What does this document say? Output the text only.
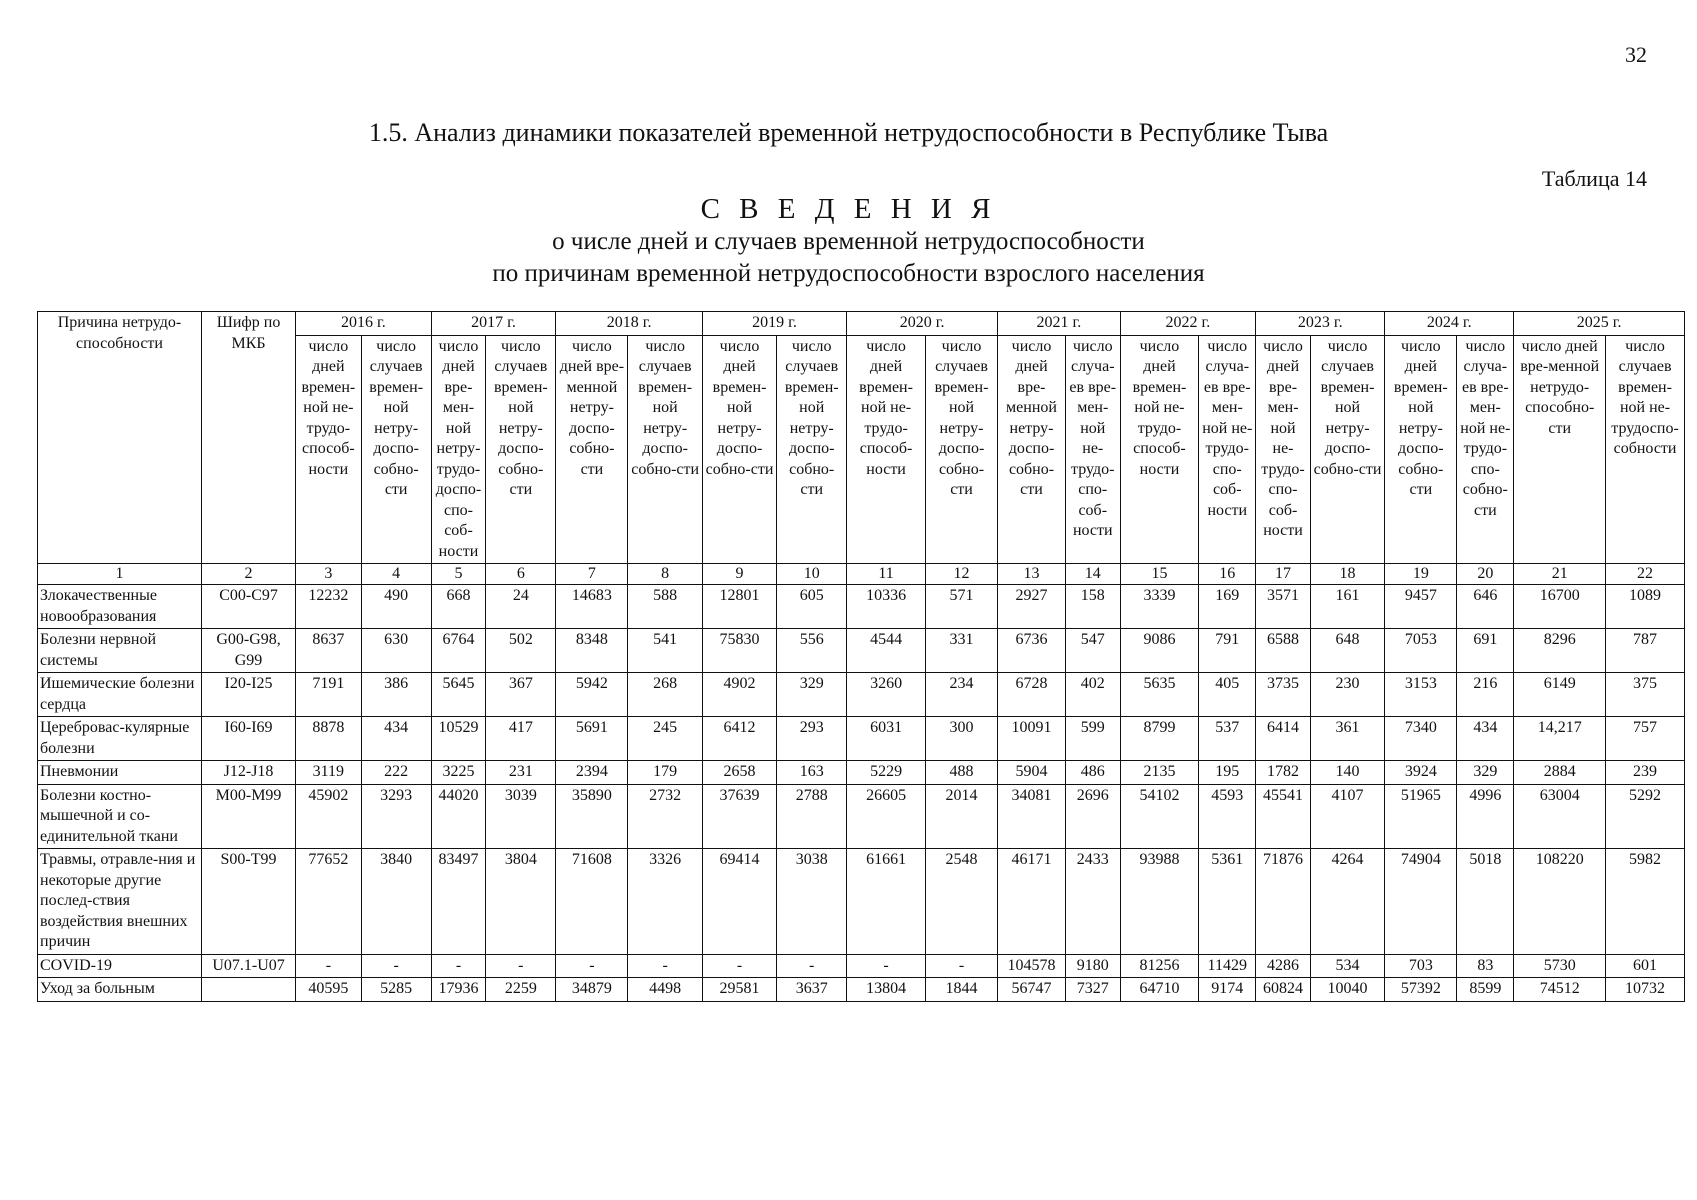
32
1.5. Анализ динамики показателей временной нетрудоспособности в Республике Тыва
Таблица 14
С В Е Д Е Н И Я
о числе дней и случаев временной нетрудоспособности
по причинам временной нетрудоспособности взрослого населения
Причина нетрудо-способности	Шифр по МКБ	2016 г.		2017 г.		2018 г.		2019 г.		2020 г.		2021 г.		2022 г.		2023 г.		2024 г.		2025 г.	
		число дней времен-ной не-трудо-способ-ности	число случаев времен-ной нетру-доспо-собно-сти	число дней вре-мен-ной нетру-трудо-доспо-спо-соб-ности	число случаев времен-ной нетру-доспо-собно-сти	число дней вре-менной нетру-доспо-собно-сти	число случаев времен-ной нетру-доспо-собно-сти	число дней времен-ной нетру-доспо-собно-сти	число случаев времен-ной нетру-доспо-собно-сти	число дней времен-ной не-трудо-способ-ности	число случаев времен-ной нетру-доспо-собно-сти	число дней вре-менной нетру-доспо-собно-сти	число случа-ев вре-мен-ной не-трудо-спо-соб-ности	число дней времен-ной не-трудо-способ-ности	число случа-ев вре-мен-ной не-трудо-спо-соб-ности	число дней вре-мен-ной не-трудо-спо-соб-ности	число случаев времен-ной нетру-доспо-собно-сти	число дней времен-ной нетру-доспо-собно-сти	число случа-ев вре-мен-ной не-трудо-спо-собно-сти	число дней вре-менной нетрудо-способно-сти	число случаев времен-ной не-трудоспо-собности
1	2	3	4	5	6	7	8	9	10	11	12	13	14	15	16	17	18	19	20	21	22
Злокачественные новообразования	С00-С97	12232	490	668	24	14683	588	12801	605	10336	571	2927	158	3339	169	3571	161	9457	646	16700	1089
Болезни нервной системы	G00-G98, G99	8637	630	6764	502	8348	541	75830	556	4544	331	6736	547	9086	791	6588	648	7053	691	8296	787
Ишемические болезни сердца	I20-I25	7191	386	5645	367	5942	268	4902	329	3260	234	6728	402	5635	405	3735	230	3153	216	6149	375
Церебровас-кулярные болезни	I60-I69	8878	434	10529	417	5691	245	6412	293	6031	300	10091	599	8799	537	6414	361	7340	434	14,217	757
Пневмонии	J12-J18	3119	222	3225	231	2394	179	2658	163	5229	488	5904	486	2135	195	1782	140	3924	329	2884	239
Болезни костно-мышечной и со-единительной ткани	М00-М99	45902	3293	44020	3039	35890	2732	37639	2788	26605	2014	34081	2696	54102	4593	45541	4107	51965	4996	63004	5292
Травмы, отравле-ния и некоторые другие послед-ствия воздействия внешних причин	S00-T99	77652	3840	83497	3804	71608	3326	69414	3038	61661	2548	46171	2433	93988	5361	71876	4264	74904	5018	108220	5982
COVID-19	U07.1-U07	-	-	-	-	-	-	-	-	-	-	104578	9180	81256	11429	4286	534	703	83	5730	601
Уход за больным		40595	5285	17936	2259	34879	4498	29581	3637	13804	1844	56747	7327	64710	9174	60824	10040	57392	8599	74512	10732
